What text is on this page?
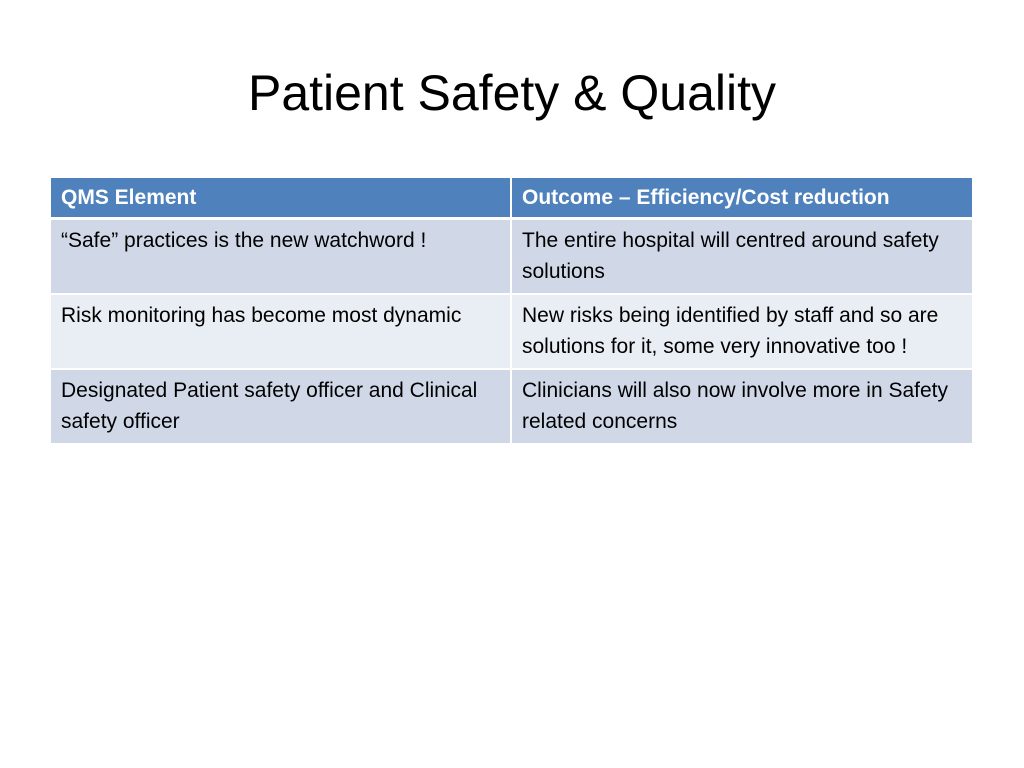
Patient Safety & Quality
QMS Element	Outcome – Efficiency/Cost reduction
“Safe” practices is the new watchword !	The entire hospital will centred around safety solutions
Risk monitoring has become most dynamic	New risks being identified by staff and so are solutions for it, some very innovative too !
Designated Patient safety officer and Clinical safety officer	Clinicians will also now involve more in Safety related concerns
